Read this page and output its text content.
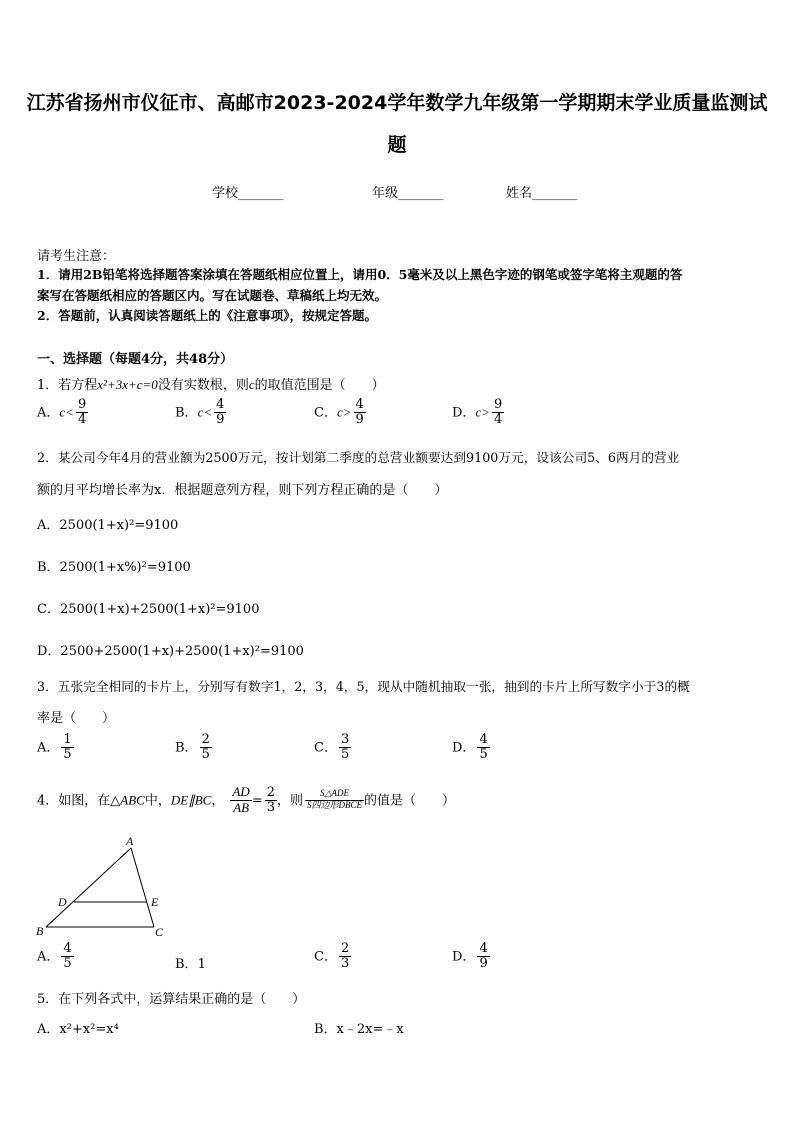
江苏省扬州市仪征市、高邮市2023-2024学年数学九年级第一学期期末学业质量监测试
题
学校_______	年级_______	姓名_______
请考生注意：
1．请用2B铅笔将选择题答案涂填在答题纸相应位置上，请用0．5毫米及以上黑色字迹的钢笔或签字笔将主观题的答
案写在答题纸相应的答题区内。写在试题卷、草稿纸上均无效。
2．答题前，认真阅读答题纸上的《注意事项》，按规定答题。
一、选择题（每题4分，共48分）
1．若方程x²+3x+c=0没有实数根，则c的取值范围是（　　）
A．$c< \frac{9}{4}$	B．$c< \frac{4}{9}$	C．$c> \frac{4}{9}$	D．$c> \frac{9}{4}$
2．某公司今年4月的营业额为2500万元，按计划第二季度的总营业额要达到9100万元，设该公司5、6两月的营业
额的月平均增长率为x．根据题意列方程，则下列方程正确的是（　　）
A．2500(1+x)²=9100
B．2500(1+x%)²=9100
C．2500(1+x)+2500(1+x)²=9100
D．2500+2500(1+x)+2500(1+x)²=9100
3．五张完全相同的卡片上，分别写有数字1，2，3，4，5，现从中随机抽取一张，抽到的卡片上所写数字小于3的概
率是（　　）
A． $\frac{1}{5}$	B． $\frac{2}{5}$	C． $\frac{3}{5}$	D． $\frac{4}{5}$
4．如图，在△ABC中，DE∥BC， $\frac{AD}{AB} = \frac{2}{3}$ ，则 $\frac{\text{S△ADE}}{\text{S四边形DBCE}}$ 的值是（　　）
A
D	E
B	C
A． $\frac{4}{5}$	B．1
C． $\frac{2}{3}$	D． $\frac{4}{9}$
5．在下列各式中，运算结果正确的是（　　）
A．x²+x²=x⁴	B．x﹣2x=﹣x
